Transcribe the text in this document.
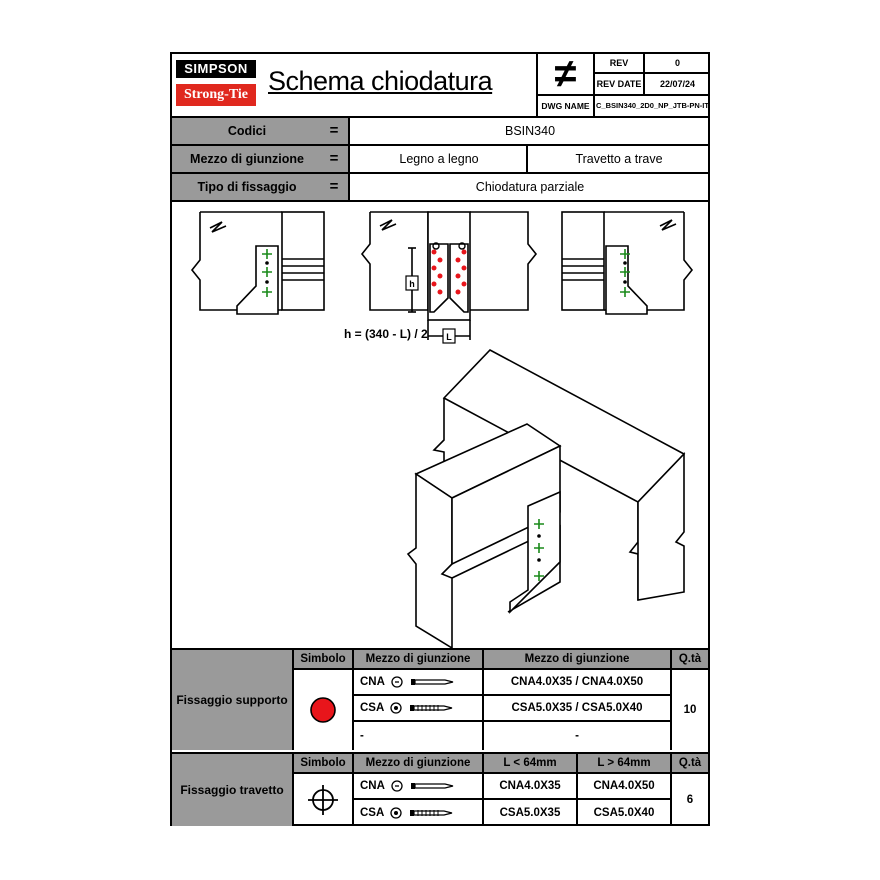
SIMPSON
Strong-Tie Schema chiodatura	≠
DWG NAME
REV	0
REV DATE	22/07/24
C_BSIN340_2D0_NP_JTB-PN-IT
Codici	=	BSIN340
Mezzo di giunzione	=	Legno a legno	Travetto a trave
Tipo di fissaggio	=	Chiodatura parziale
h = (340 - L) / 2
h
L
Fissaggio supporto
Simbolo	Mezzo di giunzione	Mezzo di giunzione	Q.tà
CNA	CNA4.0X35 / CNA4.0X50
CSA	CSA5.0X35 / CSA5.0X40
-	-
10
Fissaggio travetto
Simbolo	Mezzo di giunzione	L < 64mm	L > 64mm	Q.tà
CNA	CNA4.0X35	CNA4.0X50
CSA	CSA5.0X35	CSA5.0X40
6
